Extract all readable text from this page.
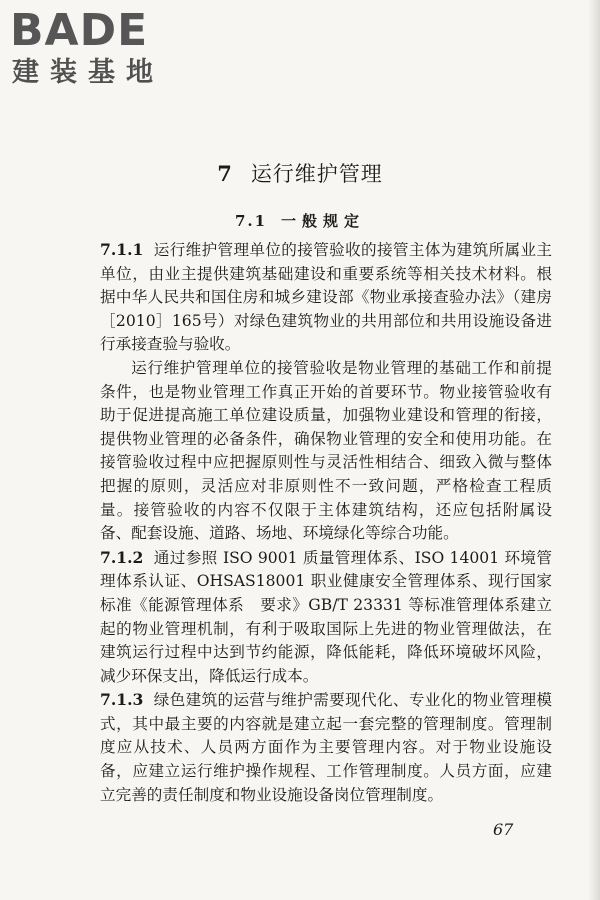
BADE
建装基地
7 运行维护管理
7.1 一般规定

7.1.1 运行维护管理单位的接管验收的接管主体为建筑所属业主单位，由业主提供建筑基础建设和重要系统等相关技术材料。根据中华人民共和国住房和城乡建设部《物业承接查验办法》（建房［2010］165号）对绿色建筑物业的共用部位和共用设施设备进行承接查验与验收。

运行维护管理单位的接管验收是物业管理的基础工作和前提条件，也是物业管理工作真正开始的首要环节。物业接管验收有助于促进提高施工单位建设质量，加强物业建设和管理的衔接，提供物业管理的必备条件，确保物业管理的安全和使用功能。在接管验收过程中应把握原则性与灵活性相结合、细致入微与整体把握的原则，灵活应对非原则性不一致问题，严格检查工程质量。接管验收的内容不仅限于主体建筑结构，还应包括附属设备、配套设施、道路、场地、环境绿化等综合功能。

7.1.2 通过参照 ISO 9001 质量管理体系、ISO 14001 环境管理体系认证、OHSAS18001 职业健康安全管理体系、现行国家标准《能源管理体系　要求》GB/T 23331 等标准管理体系建立起的物业管理机制，有利于吸取国际上先进的物业管理做法，在建筑运行过程中达到节约能源，降低能耗，降低环境破坏风险，减少环保支出，降低运行成本。

7.1.3 绿色建筑的运营与维护需要现代化、专业化的物业管理模式，其中最主要的内容就是建立起一套完整的管理制度。管理制度应从技术、人员两方面作为主要管理内容。对于物业设施设备，应建立运行维护操作规程、工作管理制度。人员方面，应建立完善的责任制度和物业设施设备岗位管理制度。

67
